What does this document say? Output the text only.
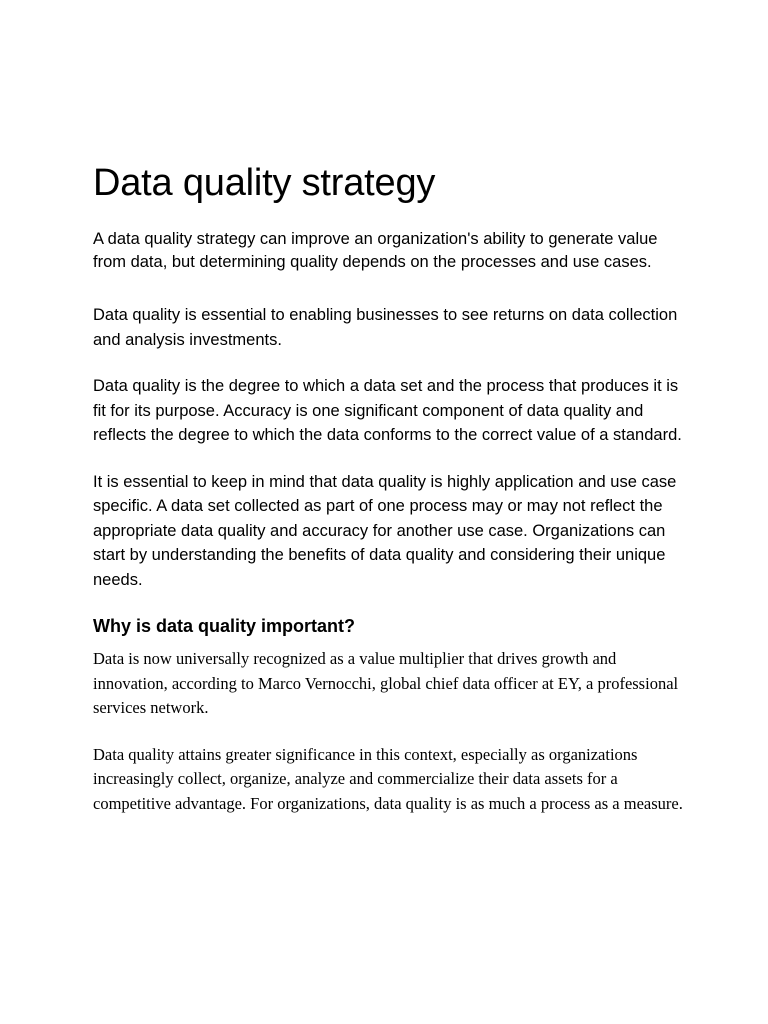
Data quality strategy

A data quality strategy can improve an organization's ability to generate value from data, but determining quality depends on the processes and use cases.

Data quality is essential to enabling businesses to see returns on data collection and analysis investments.

Data quality is the degree to which a data set and the process that produces it is fit for its purpose. Accuracy is one significant component of data quality and reflects the degree to which the data conforms to the correct value of a standard.

It is essential to keep in mind that data quality is highly application and use case specific. A data set collected as part of one process may or may not reflect the appropriate data quality and accuracy for another use case. Organizations can start by understanding the benefits of data quality and considering their unique needs.

Why is data quality important?

Data is now universally recognized as a value multiplier that drives growth and innovation, according to Marco Vernocchi, global chief data officer at EY, a professional services network.

Data quality attains greater significance in this context, especially as organizations increasingly collect, organize, analyze and commercialize their data assets for a competitive advantage. For organizations, data quality is as much a process as a measure.
